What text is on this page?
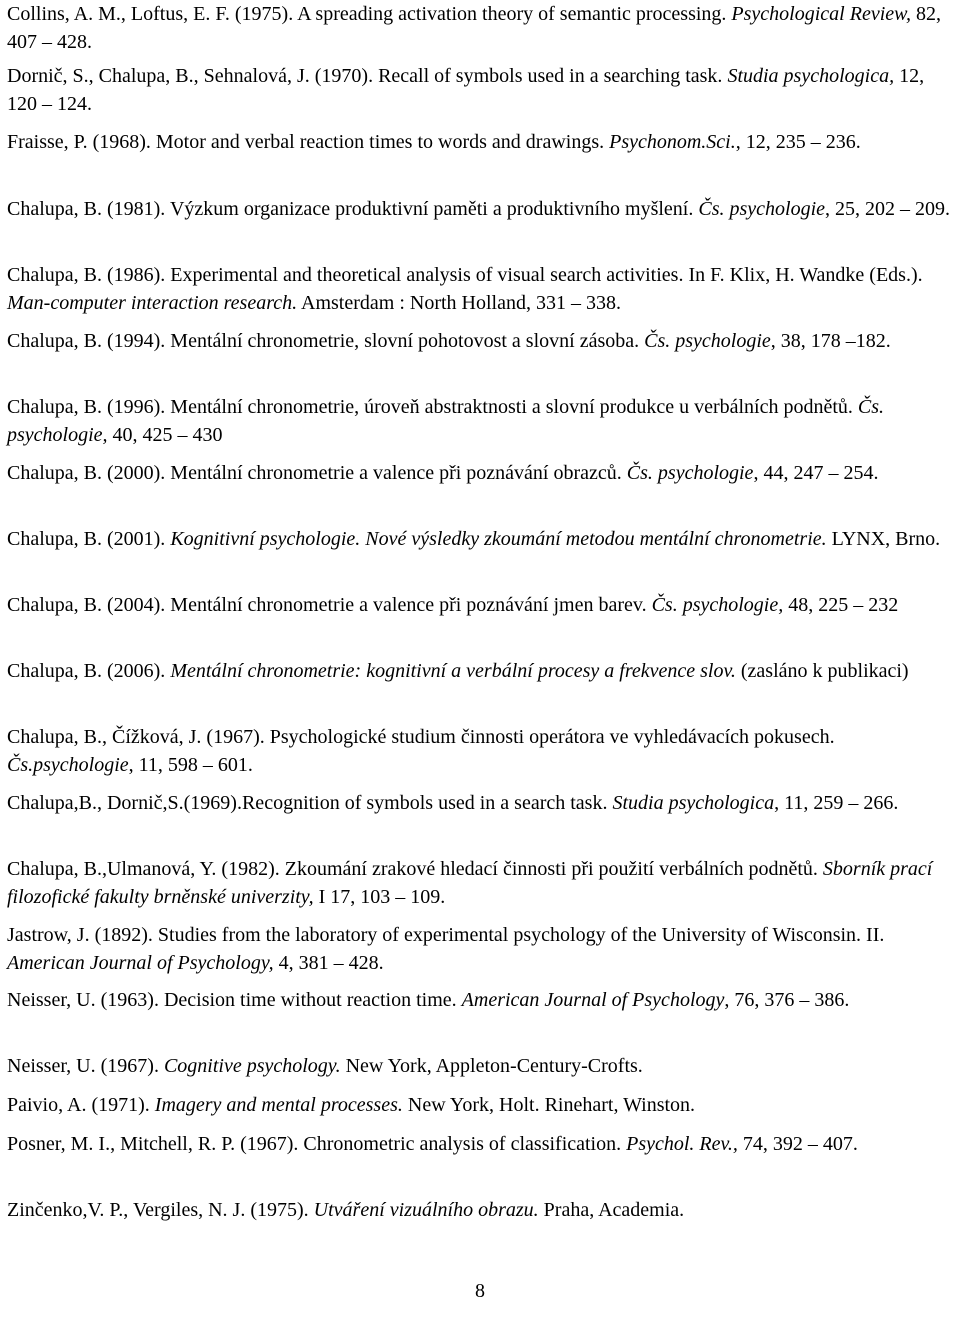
Collins, A. M., Loftus, E. F. (1975). A spreading activation theory of semantic processing. Psychological Review, 82, 407 – 428.

Dornič, S., Chalupa, B., Sehnalová, J. (1970). Recall of symbols used in a searching task. Studia psychologica, 12, 120 – 124.

Fraisse, P. (1968). Motor and verbal reaction times to words and drawings. Psychonom.Sci., 12, 235 – 236.

Chalupa, B. (1981). Výzkum organizace produktivní paměti a produktivního myšlení. Čs. psychologie, 25, 202 – 209.

Chalupa, B. (1986). Experimental and theoretical analysis of visual search activities. In F. Klix, H. Wandke (Eds.). Man-computer interaction research. Amsterdam : North Holland, 331 – 338.

Chalupa, B. (1994). Mentální chronometrie, slovní pohotovost a slovní zásoba. Čs. psychologie, 38, 178 –182.

Chalupa, B. (1996). Mentální chronometrie, úroveň abstraktnosti a slovní produkce u verbálních podnětů. Čs. psychologie, 40, 425 – 430

Chalupa, B. (2000). Mentální chronometrie a valence při poznávání obrazců. Čs. psychologie, 44, 247 – 254.

Chalupa, B. (2001). Kognitivní psychologie. Nové výsledky zkoumání metodou mentální chronometrie. LYNX, Brno.

Chalupa, B. (2004). Mentální chronometrie a valence při poznávání jmen barev. Čs. psychologie, 48, 225 – 232

Chalupa, B. (2006). Mentální chronometrie: kognitivní a verbální procesy a frekvence slov. (zasláno k publikaci)

Chalupa, B., Čížková, J. (1967). Psychologické studium činnosti operátora ve vyhledávacích pokusech. Čs.psychologie, 11, 598 – 601.

Chalupa,B., Dornič,S.(1969).Recognition of symbols used in a search task. Studia psychologica, 11, 259 – 266.

Chalupa, B.,Ulmanová, Y. (1982). Zkoumání zrakové hledací činnosti při použití verbálních podnětů. Sborník prací filozofické fakulty brněnské univerzity, I 17, 103 – 109.

Jastrow, J. (1892). Studies from the laboratory of experimental psychology of the University of Wisconsin. II. American Journal of Psychology, 4, 381 – 428.

Neisser, U. (1963). Decision time without reaction time. American Journal of Psychology, 76, 376 – 386.

Neisser, U. (1967). Cognitive psychology. New York, Appleton-Century-Crofts.

Paivio, A. (1971). Imagery and mental processes. New York, Holt. Rinehart, Winston.

Posner, M. I., Mitchell, R. P. (1967). Chronometric analysis of classification. Psychol. Rev., 74, 392 – 407.

Zinčenko,V. P., Vergiles, N. J. (1975). Utváření vizuálního obrazu. Praha, Academia.

8
